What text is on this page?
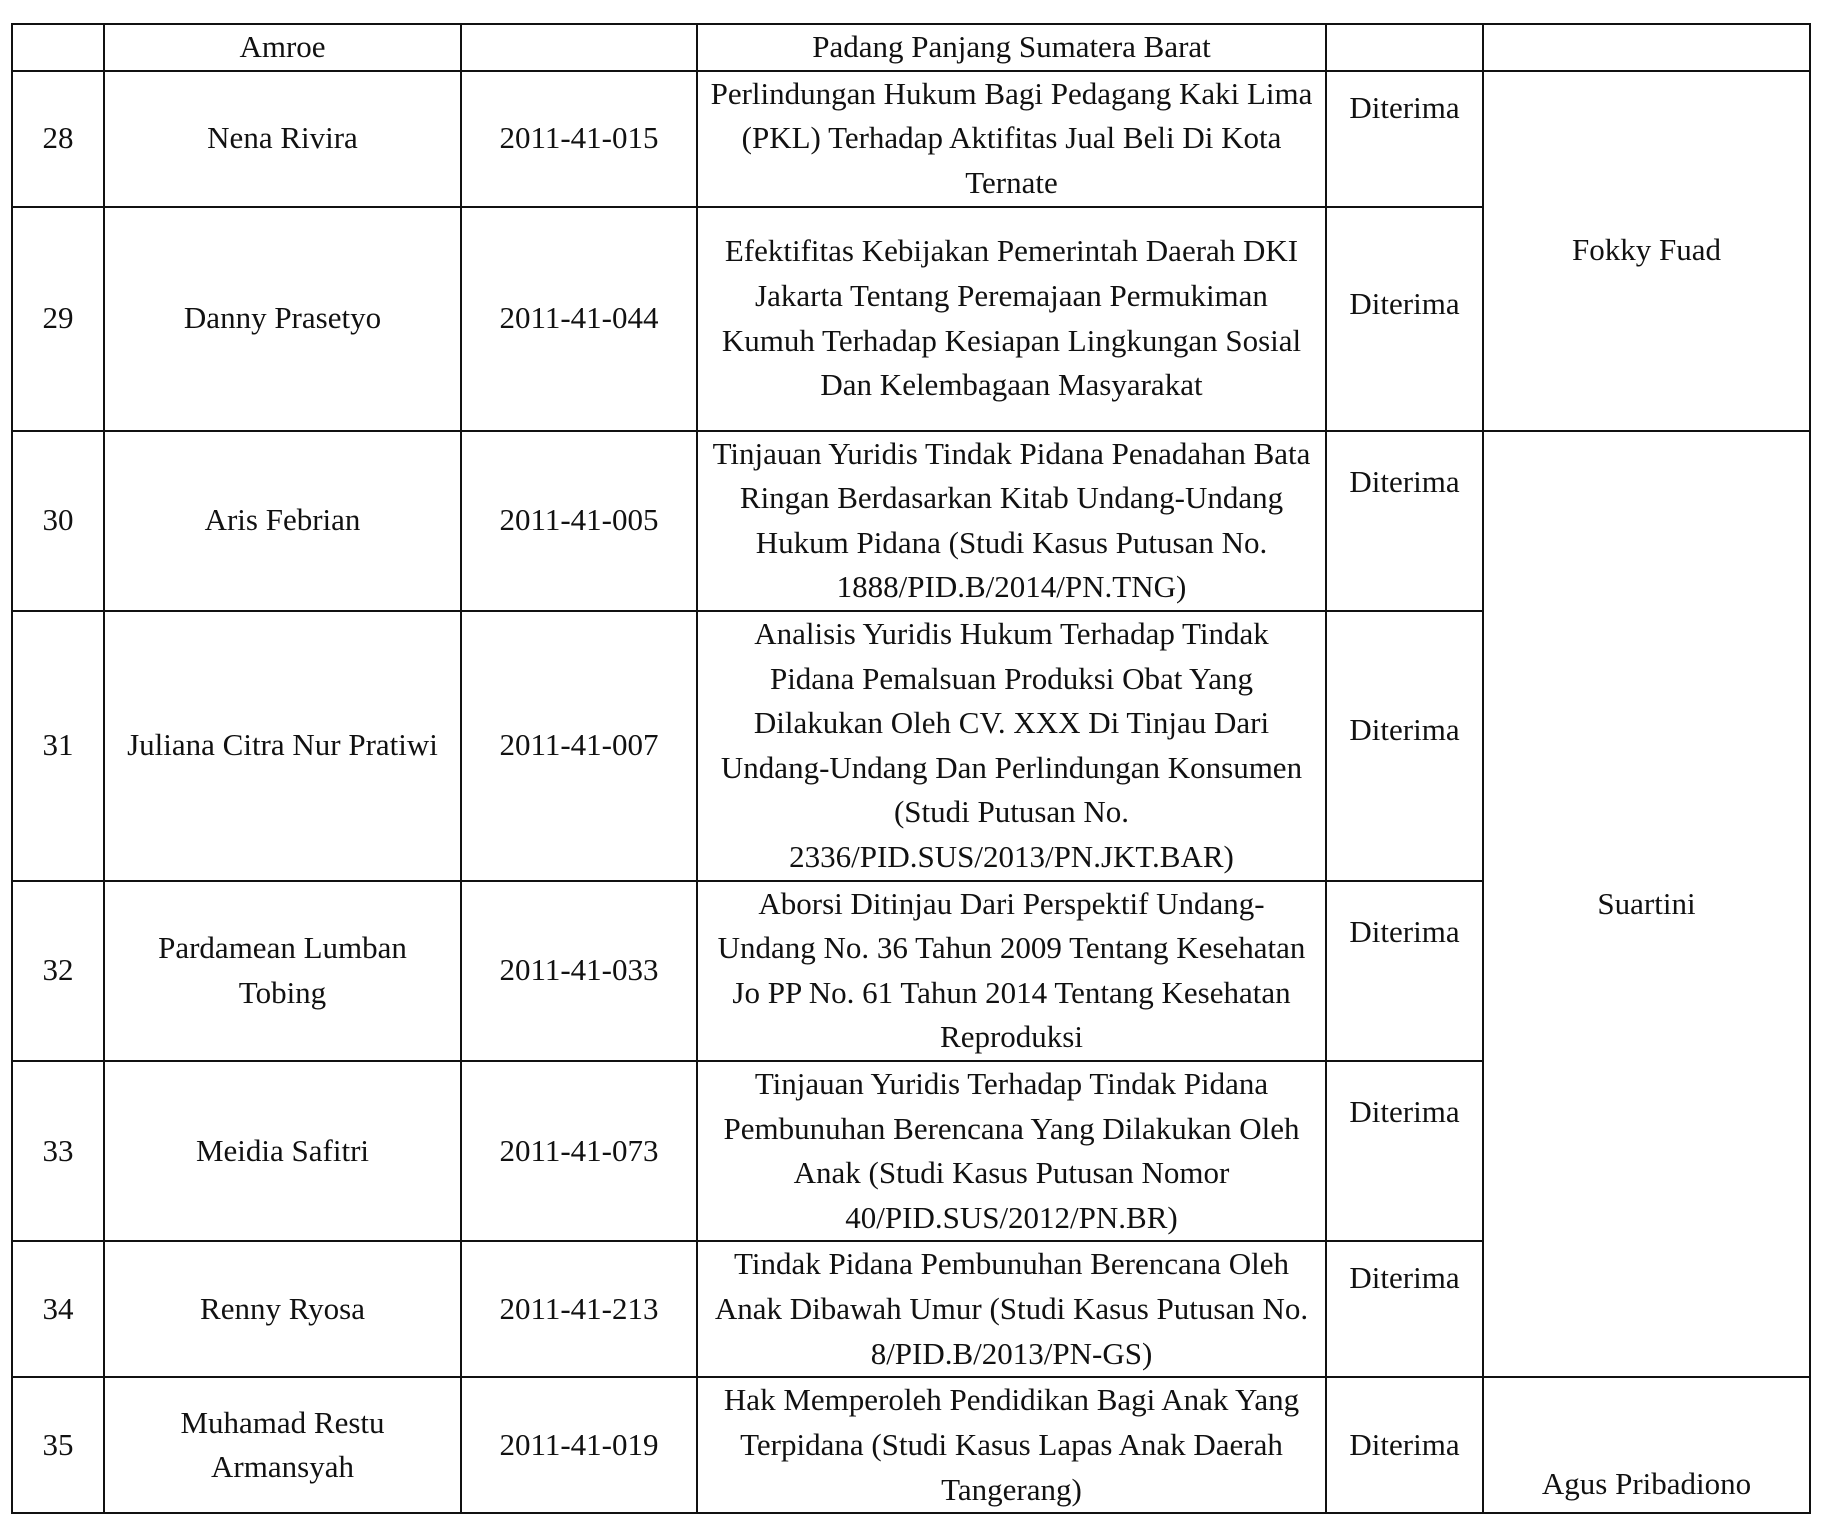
	Amroe		Padang Panjang Sumatera Barat		
28	Nena Rivira	2011-41-015	Perlindungan Hukum Bagi Pedagang Kaki Lima (PKL) Terhadap Aktifitas Jual Beli Di Kota Ternate	Diterima	Fokky Fuad
29	Danny Prasetyo	2011-41-044	Efektifitas Kebijakan Pemerintah Daerah DKI Jakarta Tentang Peremajaan Permukiman Kumuh Terhadap Kesiapan Lingkungan Sosial Dan Kelembagaan Masyarakat	Diterima	
30	Aris Febrian	2011-41-005	Tinjauan Yuridis Tindak Pidana Penadahan Bata Ringan Berdasarkan Kitab Undang-Undang Hukum Pidana (Studi Kasus Putusan No. 1888/PID.B/2014/PN.TNG)	Diterima	Suartini
31	Juliana Citra Nur Pratiwi	2011-41-007	Analisis Yuridis Hukum Terhadap Tindak Pidana Pemalsuan Produksi Obat Yang Dilakukan Oleh CV. XXX Di Tinjau Dari Undang-Undang Dan Perlindungan Konsumen (Studi Putusan No. 2336/PID.SUS/2013/PN.JKT.BAR)	Diterima	
32	Pardamean Lumban Tobing	2011-41-033	Aborsi Ditinjau Dari Perspektif Undang-Undang No. 36 Tahun 2009 Tentang Kesehatan Jo PP No. 61 Tahun 2014 Tentang Kesehatan Reproduksi	Diterima	
33	Meidia Safitri	2011-41-073	Tinjauan Yuridis Terhadap Tindak Pidana Pembunuhan Berencana Yang Dilakukan Oleh Anak (Studi Kasus Putusan Nomor 40/PID.SUS/2012/PN.BR)	Diterima	
34	Renny Ryosa	2011-41-213	Tindak Pidana Pembunuhan Berencana Oleh Anak Dibawah Umur (Studi Kasus Putusan No. 8/PID.B/2013/PN-GS)	Diterima	
35	Muhamad Restu Armansyah	2011-41-019	Hak Memperoleh Pendidikan Bagi Anak Yang Terpidana (Studi Kasus Lapas Anak Daerah Tangerang)	Diterima	Agus Pribadiono
